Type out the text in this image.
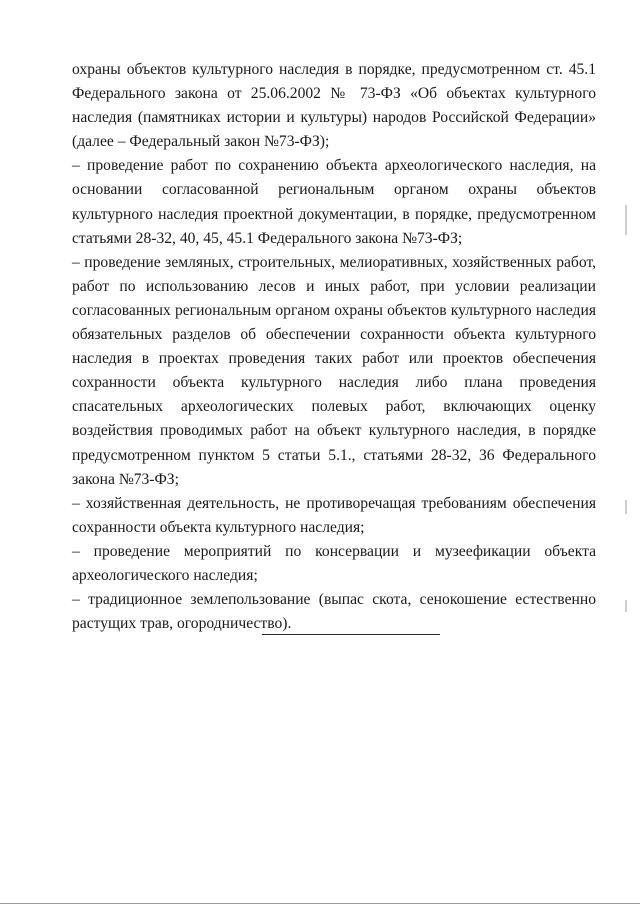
охраны объектов культурного наследия в порядке, предусмотренном ст. 45.1 Федерального закона от 25.06.2002 № 73-ФЗ «Об объектах культурного наследия (памятниках истории и культуры) народов Российской Федерации» (далее – Федеральный закон №73-ФЗ);

– проведение работ по сохранению объекта археологического наследия, на основании согласованной региональным органом охраны объектов культурного наследия проектной документации, в порядке, предусмотренном статьями 28-32, 40, 45, 45.1 Федерального закона №73-ФЗ;

– проведение земляных, строительных, мелиоративных, хозяйственных работ, работ по использованию лесов и иных работ, при условии реализации согласованных региональным органом охраны объектов культурного наследия обязательных разделов об обеспечении сохранности объекта культурного наследия в проектах проведения таких работ или проектов обеспечения сохранности объекта культурного наследия либо плана проведения спасательных археологических полевых работ, включающих оценку воздействия проводимых работ на объект культурного наследия, в порядке предусмотренном пунктом 5 статьи 5.1., статьями 28-32, 36 Федерального закона №73-ФЗ;

– хозяйственная деятельность, не противоречащая требованиям обеспечения сохранности объекта культурного наследия;

– проведение мероприятий по консервации и музеефикации объекта археологического наследия;

– традиционное землепользование (выпас скота, сенокошение естественно растущих трав, огородничество).
